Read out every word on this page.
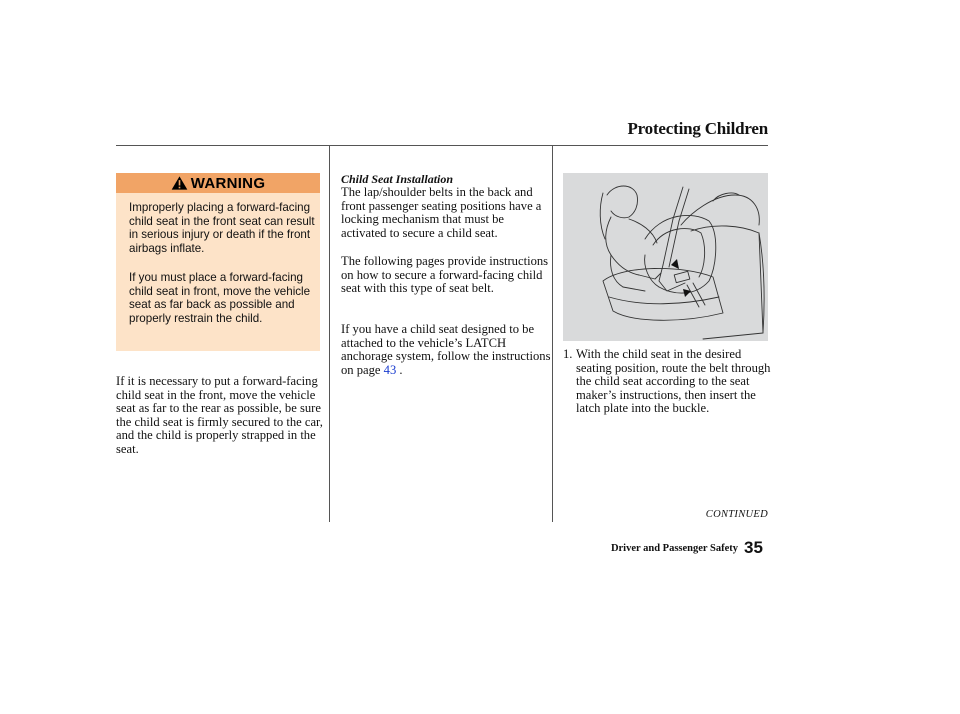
Protecting Children
WARNING

Improperly placing a forward-facing child seat in the front seat can result in serious injury or death if the front airbags inflate.

If you must place a forward-facing child seat in front, move the vehicle seat as far back as possible and properly restrain the child.

If it is necessary to put a forward-facing child seat in the front, move the vehicle seat as far to the rear as possible, be sure the child seat is firmly secured to the car, and the child is properly strapped in the seat.

Child Seat Installation

The lap/shoulder belts in the back and front passenger seating positions have a locking mechanism that must be activated to secure a child seat.

The following pages provide instructions on how to secure a forward-facing child seat with this type of seat belt.

If you have a child seat designed to be attached to the vehicle’s LATCH anchorage system, follow the instructions on page 43 .

1. With the child seat in the desired seating position, route the belt through the child seat according to the seat maker’s instructions, then insert the latch plate into the buckle.
CONTINUED
Driver and Passenger Safety 35
